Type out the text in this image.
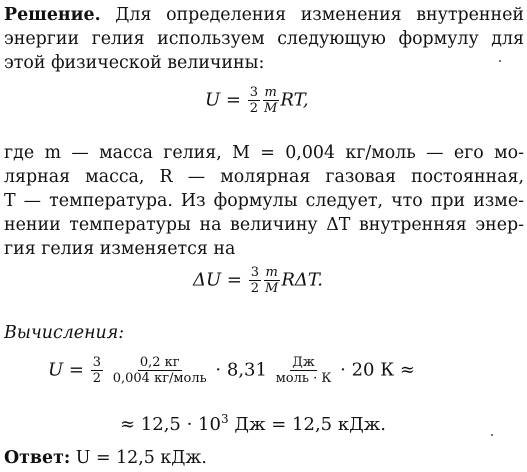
Решение. Для определения изменения внутренней
энергии гелия используем следующую формулу для
этой физической величины:
$U = \frac{3}{2} \frac{m}{M}$ RT,
где m — масса гелия, M = 0,004 кг/моль — его мо-
лярная масса, R — молярная газовая постоянная,
T — температура. Из формулы следует, что при изме-
нении температуры на величину ΔT внутренняя энер-
гия гелия изменяется на
$\Delta U = \frac{3}{2} \frac{m}{M} R\Delta T$.
Вычисления:
$U = \frac{3}{2}$
$\frac{0,2 кг}{\text{0,004 кг/моль}} \cdot 8,31 \frac{Дж}{\text{моль · К}} \cdot 20$ К ≈
≈ $12,5 \cdot 10^3$ Дж = 12,5 кДж.
Ответ: U = 12,5 кДж.
